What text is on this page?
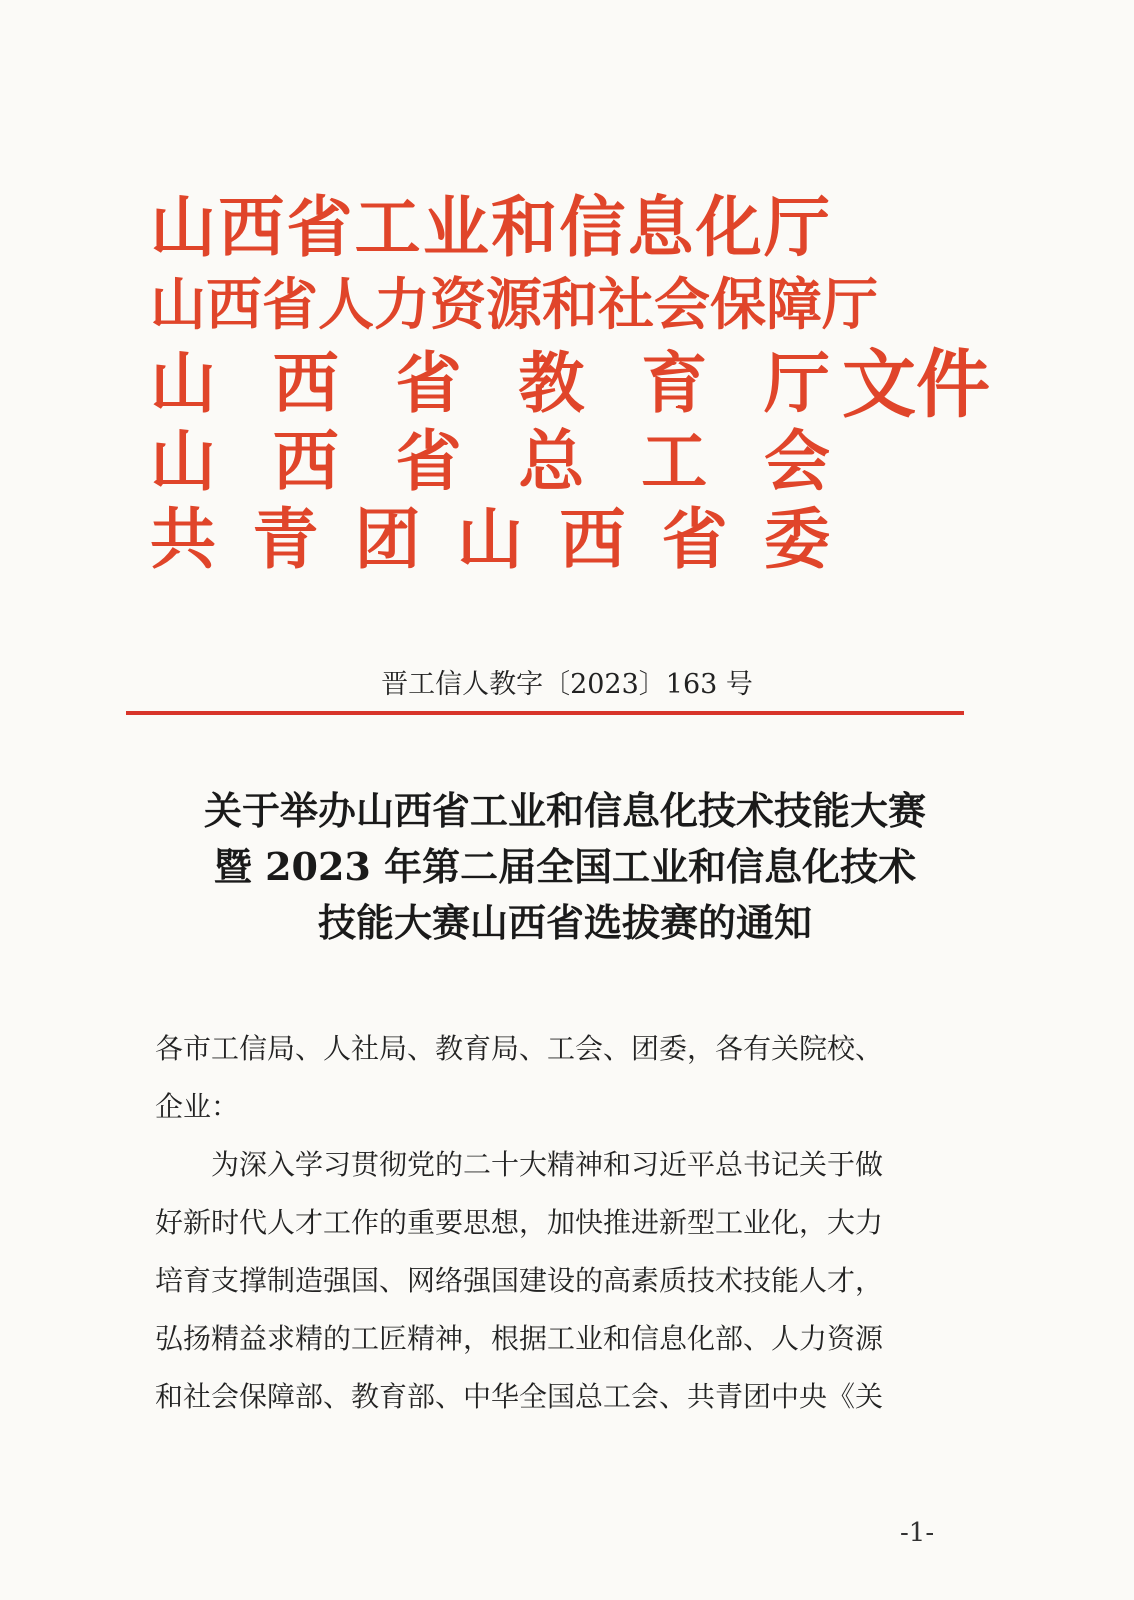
山 西 省 工 业 和 信 息 化 厅
山 西 省 人 力 资 源 和 社 会 保 障 厅
山 西 省 教 育 厅
山 西 省 总 工 会
共 青 团 山 西 省 委
文件
晋工信人教字〔2023〕163 号
关于举办山西省工业和信息化技术技能大赛
暨 2023 年第二届全国工业和信息化技术
技能大赛山西省选拔赛的通知

各市工信局、人社局、教育局、工会、团委，各有关院校、

企业：

为深入学习贯彻党的二十大精神和习近平总书记关于做

好新时代人才工作的重要思想，加快推进新型工业化，大力

培育支撑制造强国、网络强国建设的高素质技术技能人才，

弘扬精益求精的工匠精神，根据工业和信息化部、人力资源

和社会保障部、教育部、中华全国总工会、共青团中央《关

-1-
